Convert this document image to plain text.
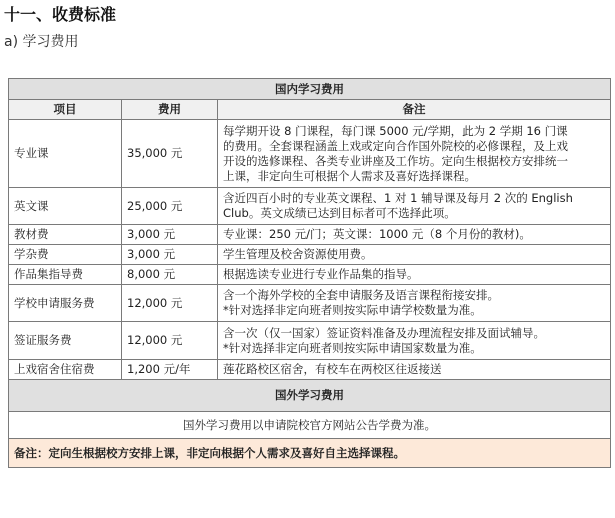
十一、收费标准
a) 学习费用
国内学习费用		
项目	费用	备注
专业课	35,000 元	每学期开设 8 门课程，每门课 5000 元/学期，此为 2 学期 16 门课
的费用。全套课程涵盖上戏或定向合作国外院校的必修课程，及上戏
开设的选修课程、各类专业讲座及工作坊。定向生根据校方安排统一
上课，非定向生可根据个人需求及喜好选择课程。

英文课	25,000 元	含近四百小时的专业英文课程、1 对 1 辅导课及每月 2 次的 English
Club。英文成绩已达到目标者可不选择此项。

教材费	3,000 元	专业课：250 元/门；英文课：1000 元（8 个月份的教材)。
学杂费	3,000 元	学生管理及校舍资源使用费。
作品集指导费	8,000 元	根据选读专业进行专业作品集的指导。
学校申请服务费	12,000 元	含一个海外学校的全套申请服务及语言课程衔接安排。
*针对选择非定向班者则按实际申请学校数量为准。

签证服务费	12,000 元	含一次（仅一国家）签证资料准备及办理流程安排及面试辅导。
*针对选择非定向班者则按实际申请国家数量为准。

上戏宿舍住宿费	1,200 元/年	莲花路校区宿舍，有校车在两校区往返接送
国外学习费用		
国外学习费用以申请院校官方网站公告学费为准。		
备注：定向生根据校方安排上课，非定向根据个人需求及喜好自主选择课程。		
